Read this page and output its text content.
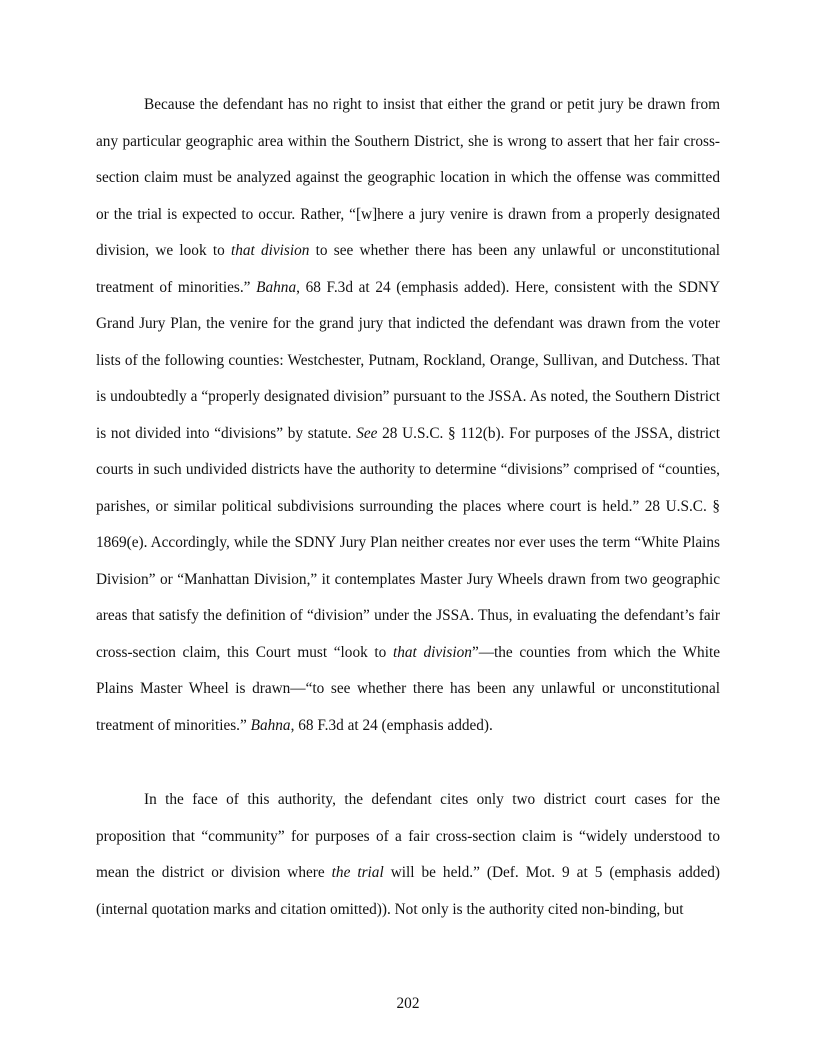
Because the defendant has no right to insist that either the grand or petit jury be drawn from any particular geographic area within the Southern District, she is wrong to assert that her fair cross-section claim must be analyzed against the geographic location in which the offense was committed or the trial is expected to occur. Rather, “[w]here a jury venire is drawn from a properly designated division, we look to that division to see whether there has been any unlawful or unconstitutional treatment of minorities.” Bahna, 68 F.3d at 24 (emphasis added). Here, consistent with the SDNY Grand Jury Plan, the venire for the grand jury that indicted the defendant was drawn from the voter lists of the following counties: Westchester, Putnam, Rockland, Orange, Sullivan, and Dutchess. That is undoubtedly a “properly designated division” pursuant to the JSSA. As noted, the Southern District is not divided into “divisions” by statute. See 28 U.S.C. § 112(b). For purposes of the JSSA, district courts in such undivided districts have the authority to determine “divisions” comprised of “counties, parishes, or similar political subdivisions surrounding the places where court is held.” 28 U.S.C. § 1869(e). Accordingly, while the SDNY Jury Plan neither creates nor ever uses the term “White Plains Division” or “Manhattan Division,” it contemplates Master Jury Wheels drawn from two geographic areas that satisfy the definition of “division” under the JSSA. Thus, in evaluating the defendant’s fair cross-section claim, this Court must “look to that division”—the counties from which the White Plains Master Wheel is drawn—“to see whether there has been any unlawful or unconstitutional treatment of minorities.” Bahna, 68 F.3d at 24 (emphasis added).

In the face of this authority, the defendant cites only two district court cases for the proposition that “community” for purposes of a fair cross-section claim is “widely understood to mean the district or division where the trial will be held.” (Def. Mot. 9 at 5 (emphasis added) (internal quotation marks and citation omitted)). Not only is the authority cited non-binding, but

202
